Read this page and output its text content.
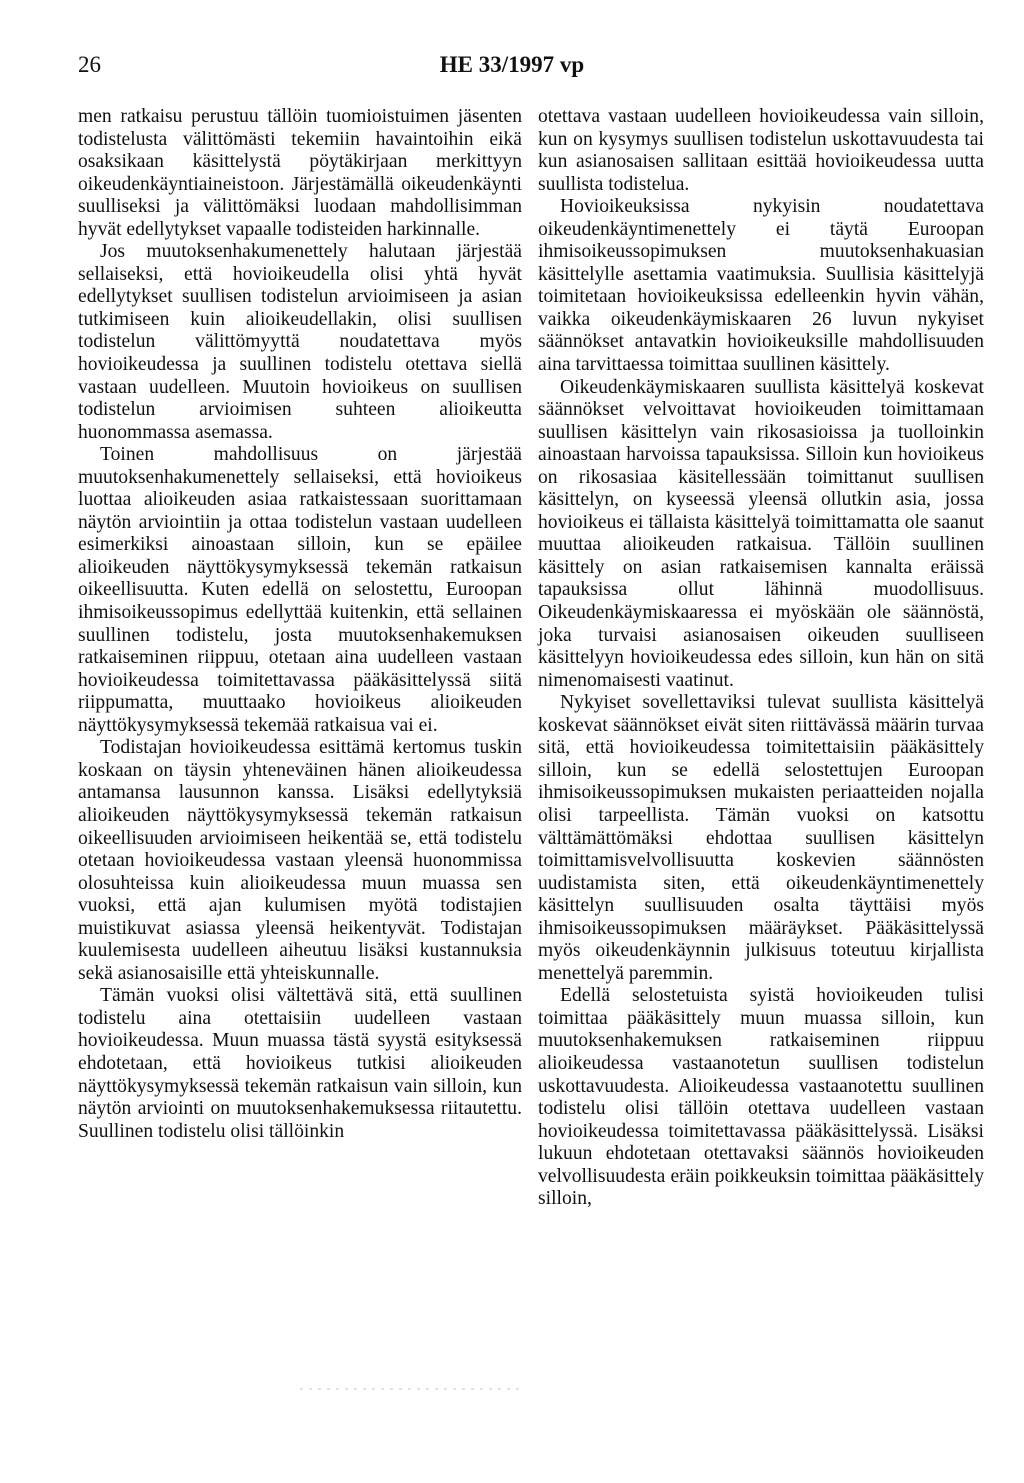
26	HE 33/1997 vp

men ratkaisu perustuu tällöin tuomioistuimen jäsenten todistelusta välittömästi tekemiin havaintoihin eikä osaksikaan käsittelystä pöytäkirjaan merkittyyn oikeudenkäyntiaineistoon. Järjestämällä oikeudenkäynti suulliseksi ja välittömäksi luodaan mahdollisimman hyvät edellytykset vapaalle todisteiden harkinnalle.

Jos muutoksenhakumenettely halutaan järjestää sellaiseksi, että hovioikeudella olisi yhtä hyvät edellytykset suullisen todistelun arvioimiseen ja asian tutkimiseen kuin alioikeudellakin, olisi suullisen todistelun välittömyyttä noudatettava myös hovioikeudessa ja suullinen todistelu otettava siellä vastaan uudelleen. Muutoin hovioikeus on suullisen todistelun arvioimisen suhteen alioikeutta huonommassa asemassa.

Toinen mahdollisuus on järjestää muutoksenhakumenettely sellaiseksi, että hovioikeus luottaa alioikeuden asiaa ratkaistessaan suorittamaan näytön arviointiin ja ottaa todistelun vastaan uudelleen esimerkiksi ainoastaan silloin, kun se epäilee alioikeuden näyttökysymyksessä tekemän ratkaisun oikeellisuutta. Kuten edellä on selostettu, Euroopan ihmisoikeussopimus edellyttää kuitenkin, että sellainen suullinen todistelu, josta muutoksenhakemuksen ratkaiseminen riippuu, otetaan aina uudelleen vastaan hovioikeudessa toimitettavassa pääkäsittelyssä siitä riippumatta, muuttaako hovioikeus alioikeuden näyttökysymyksessä tekemää ratkaisua vai ei.

Todistajan hovioikeudessa esittämä kertomus tuskin koskaan on täysin yhteneväinen hänen alioikeudessa antamansa lausunnon kanssa. Lisäksi edellytyksiä alioikeuden näyttökysymyksessä tekemän ratkaisun oikeellisuuden arvioimiseen heikentää se, että todistelu otetaan hovioikeudessa vastaan yleensä huonommissa olosuhteissa kuin alioikeudessa muun muassa sen vuoksi, että ajan kulumisen myötä todistajien muistikuvat asiassa yleensä heikentyvät. Todistajan kuulemisesta uudelleen aiheutuu lisäksi kustannuksia sekä asianosaisille että yhteiskunnalle.

Tämän vuoksi olisi vältettävä sitä, että suullinen todistelu aina otettaisiin uudelleen vastaan hovioikeudessa. Muun muassa tästä syystä esityksessä ehdotetaan, että hovioikeus tutkisi alioikeuden näyttökysymyksessä tekemän ratkaisun vain silloin, kun näytön arviointi on muutoksenhakemuksessa riitautettu. Suullinen todistelu olisi tällöinkin

otettava vastaan uudelleen hovioikeudessa vain silloin, kun on kysymys suullisen todistelun uskottavuudesta tai kun asianosaisen sallitaan esittää hovioikeudessa uutta suullista todistelua.

Hovioikeuksissa nykyisin noudatettava oikeudenkäyntimenettely ei täytä Euroopan ihmisoikeussopimuksen muutoksenhakuasian käsittelylle asettamia vaatimuksia. Suullisia käsittelyjä toimitetaan hovioikeuksissa edelleenkin hyvin vähän, vaikka oikeudenkäymiskaaren 26 luvun nykyiset säännökset antavatkin hovioikeuksille mahdollisuuden aina tarvittaessa toimittaa suullinen käsittely.

Oikeudenkäymiskaaren suullista käsittelyä koskevat säännökset velvoittavat hovioikeuden toimittamaan suullisen käsittelyn vain rikosasioissa ja tuolloinkin ainoastaan harvoissa tapauksissa. Silloin kun hovioikeus on rikosasiaa käsitellessään toimittanut suullisen käsittelyn, on kyseessä yleensä ollutkin asia, jossa hovioikeus ei tällaista käsittelyä toimittamatta ole saanut muuttaa alioikeuden ratkaisua. Tällöin suullinen käsittely on asian ratkaisemisen kannalta eräissä tapauksissa ollut lähinnä muodollisuus. Oikeudenkäymiskaaressa ei myöskään ole säännöstä, joka turvaisi asianosaisen oikeuden suulliseen käsittelyyn hovioikeudessa edes silloin, kun hän on sitä nimenomaisesti vaatinut.

Nykyiset sovellettaviksi tulevat suullista käsittelyä koskevat säännökset eivät siten riittävässä määrin turvaa sitä, että hovioikeudessa toimitettaisiin pääkäsittely silloin, kun se edellä selostettujen Euroopan ihmisoikeussopimuksen mukaisten periaatteiden nojalla olisi tarpeellista. Tämän vuoksi on katsottu välttämättömäksi ehdottaa suullisen käsittelyn toimittamisvelvollisuutta koskevien säännösten uudistamista siten, että oikeudenkäyntimenettely käsittelyn suullisuuden osalta täyttäisi myös ihmisoikeussopimuksen määräykset. Pääkäsittelyssä myös oikeudenkäynnin julkisuus toteutuu kirjallista menettelyä paremmin.

Edellä selostetuista syistä hovioikeuden tulisi toimittaa pääkäsittely muun muassa silloin, kun muutoksenhakemuksen ratkaiseminen riippuu alioikeudessa vastaanotetun suullisen todistelun uskottavuudesta. Alioikeudessa vastaanotettu suullinen todistelu olisi tällöin otettava uudelleen vastaan hovioikeudessa toimitettavassa pääkäsittelyssä. Lisäksi lukuun ehdotetaan otettavaksi säännös hovioikeuden velvollisuudesta eräin poikkeuksin toimittaa pääkäsittely silloin,
